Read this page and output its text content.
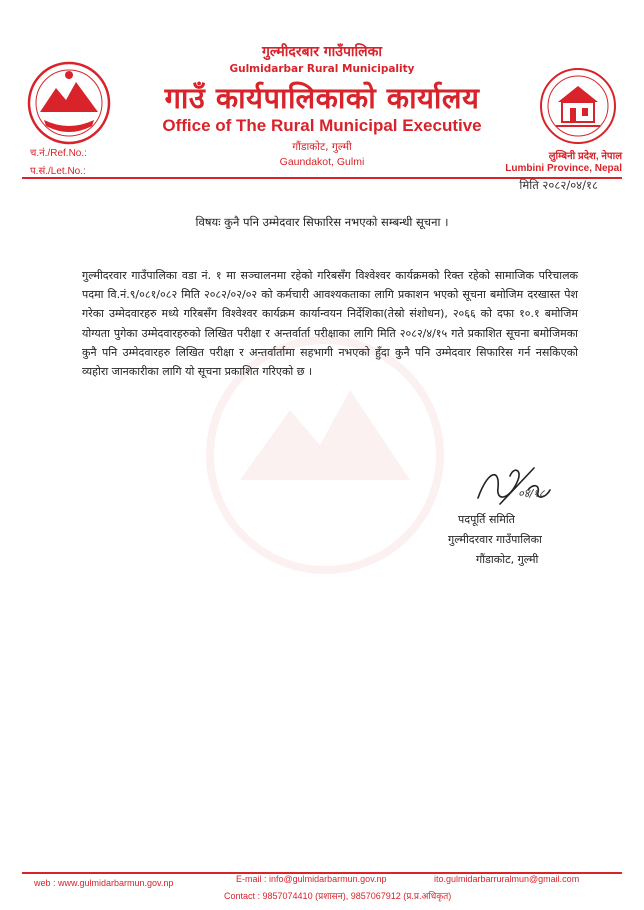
गुल्मीदरबार गाउँपालिका
Gulmidarbar Rural Municipality
गाउँ कार्यपालिकाको कार्यालय
Office of The Rural Municipal Executive
गौंडाकोट, गुल्मी
Gaundakot, Gulmi
च.नं./Ref.No.:
प.सं./Let.No.:
लुम्बिनी प्रदेश, नेपाल
Lumbini Province, Nepal
मिति २०८२/०४/१८
विषयः कुनै पनि उम्मेदवार सिफारिस नभएको सम्बन्धी सूचना ।
गुल्मीदरवार गाउँपालिका वडा नं. १ मा सञ्चालनमा रहेको गरिबसँग विश्वेश्वर कार्यक्रमको रिक्त रहेको सामाजिक परिचालक पदमा वि.नं.९/०८१/०८२ मिति २०८२/०२/०२ को कर्मचारी आवश्यकताका लागि प्रकाशन भएको सूचना बमोजिम दरखास्त पेश गरेका उम्मेदवारहरु मध्ये गरिबसँग विश्वेश्वर कार्यक्रम कार्यान्वयन निर्देशिका(तेस्रो संशोधन), २०६६ को दफा १०.१ बमोजिम योग्यता पुगेका उम्मेदवारहरुको लिखित परीक्षा र अन्तर्वार्ता परीक्षाका लागि मिति २०८२/४/१५ गते प्रकाशित सूचना बमोजिमका कुनै पनि उम्मेदवारहरु लिखित परीक्षा र अन्तर्वार्तामा सहभागी नभएको हुँदा कुनै पनि उम्मेदवार सिफारिस गर्न नसकिएको व्यहोरा जानकारीका लागि यो सूचना प्रकाशित गरिएको छ ।
०४/१८
पदपूर्ति समिति
गुल्मीदरवार गाउँपालिका
गौंडाकोट, गुल्मी
web : www.gulmidarbarmun.gov.np	E-mail : info@gulmidarbarmun.gov.np	ito.gulmidarbarruralmun@gmail.com
Contact : 9857074410 (प्रशासन), 9857067912 (प्र.प्र.अधिकृत)
